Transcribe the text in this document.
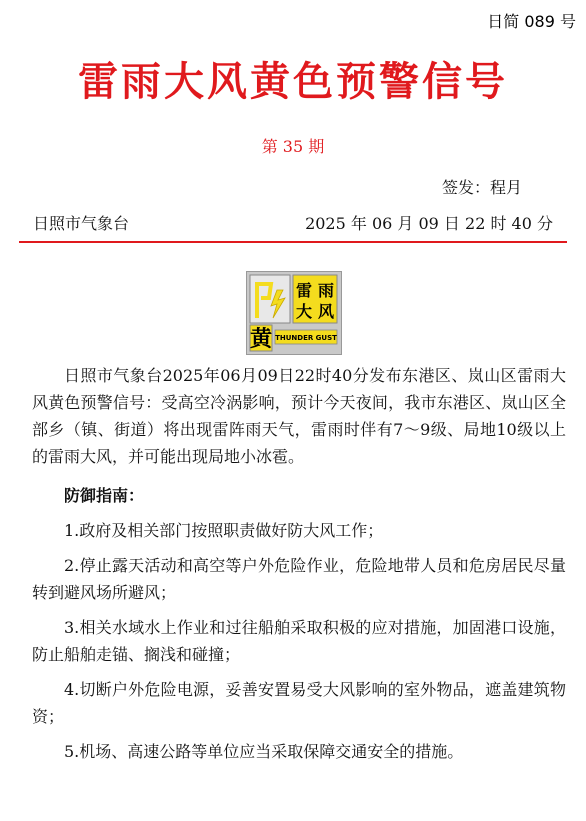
日简 089 号
雷雨大风黄色预警信号
第 35 期
签发：程月
日照市气象台	2025 年 06 月 09 日 22 时 40 分
黄
雷 雨
大 风
THUNDER GUST

日照市气象台2025年06月09日22时40分发布东港区、岚山区雷雨大风黄色预警信号：受高空冷涡影响，预计今天夜间，我市东港区、岚山区全部乡（镇、街道）将出现雷阵雨天气，雷雨时伴有7～9级、局地10级以上的雷雨大风，并可能出现局地小冰雹。

防御指南：

1.政府及相关部门按照职责做好防大风工作；

2.停止露天活动和高空等户外危险作业，危险地带人员和危房居民尽量转到避风场所避风；

3.相关水域水上作业和过往船舶采取积极的应对措施，加固港口设施，防止船舶走锚、搁浅和碰撞；

4.切断户外危险电源，妥善安置易受大风影响的室外物品，遮盖建筑物资；

5.机场、高速公路等单位应当采取保障交通安全的措施。
